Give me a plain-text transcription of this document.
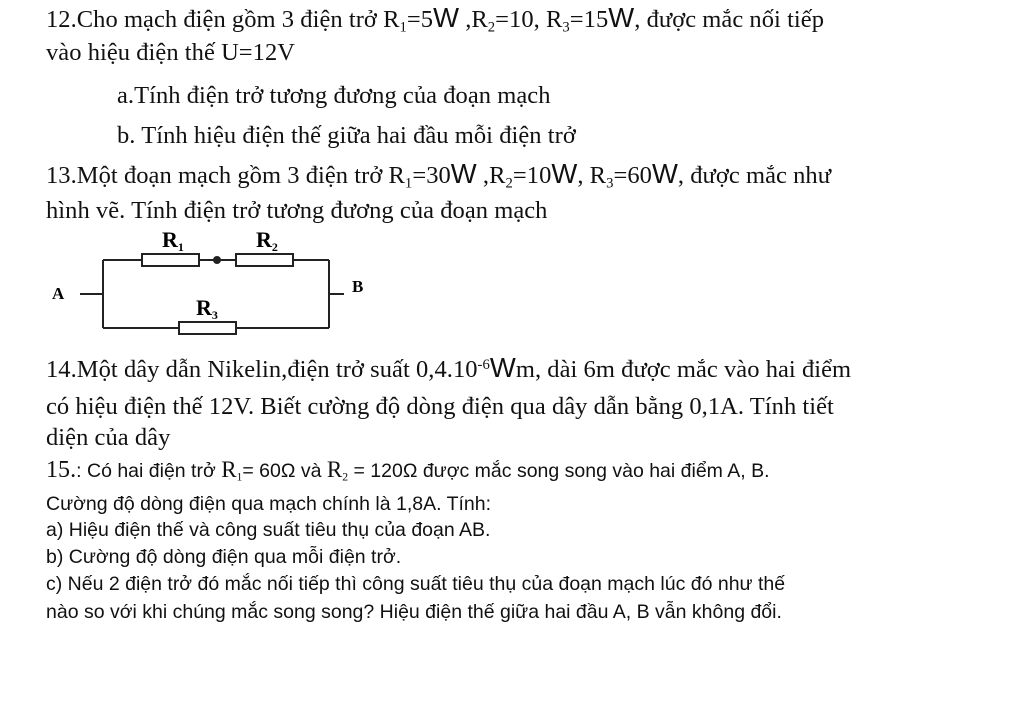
12.Cho mạch điện gồm 3 điện trở $R_1=5W$ $,R_2=10$, $R_3=15W$, được mắc nối tiếp
vào hiệu điện thế U=12V
a.Tính điện trở tương đương của đoạn mạch
b. Tính hiệu điện thế giữa hai đầu mỗi điện trở
13.Một đoạn mạch gồm 3 điện trở $R_1=30W$ $,R_2=10W$, $R_3=60W$, được mắc như
hình vẽ. Tính điện trở tương đương của đoạn mạch
A	B
R1	R2
R3
14.Một dây dẫn Nikelin,điện trở suất $0,4.10^{-6}Wm$, dài 6m được mắc vào hai điểm
có hiệu điện thế 12V. Biết cường độ dòng điện qua dây dẫn bằng 0,1A. Tính tiết
diện của dây
15.: Có hai điện trở $R_1= 60\Omega$ và $R_2 = 120\Omega$ được mắc song song vào hai điểm A, B.
Cường độ dòng điện qua mạch chính là 1,8A. Tính:
a) Hiệu điện thế và công suất tiêu thụ của đoạn AB.
b) Cường độ dòng điện qua mỗi điện trở.
c) Nếu 2 điện trở đó mắc nối tiếp thì công suất tiêu thụ của đoạn mạch lúc đó như thế
nào so với khi chúng mắc song song? Hiệu điện thế giữa hai đầu A, B vẫn không đổi.
